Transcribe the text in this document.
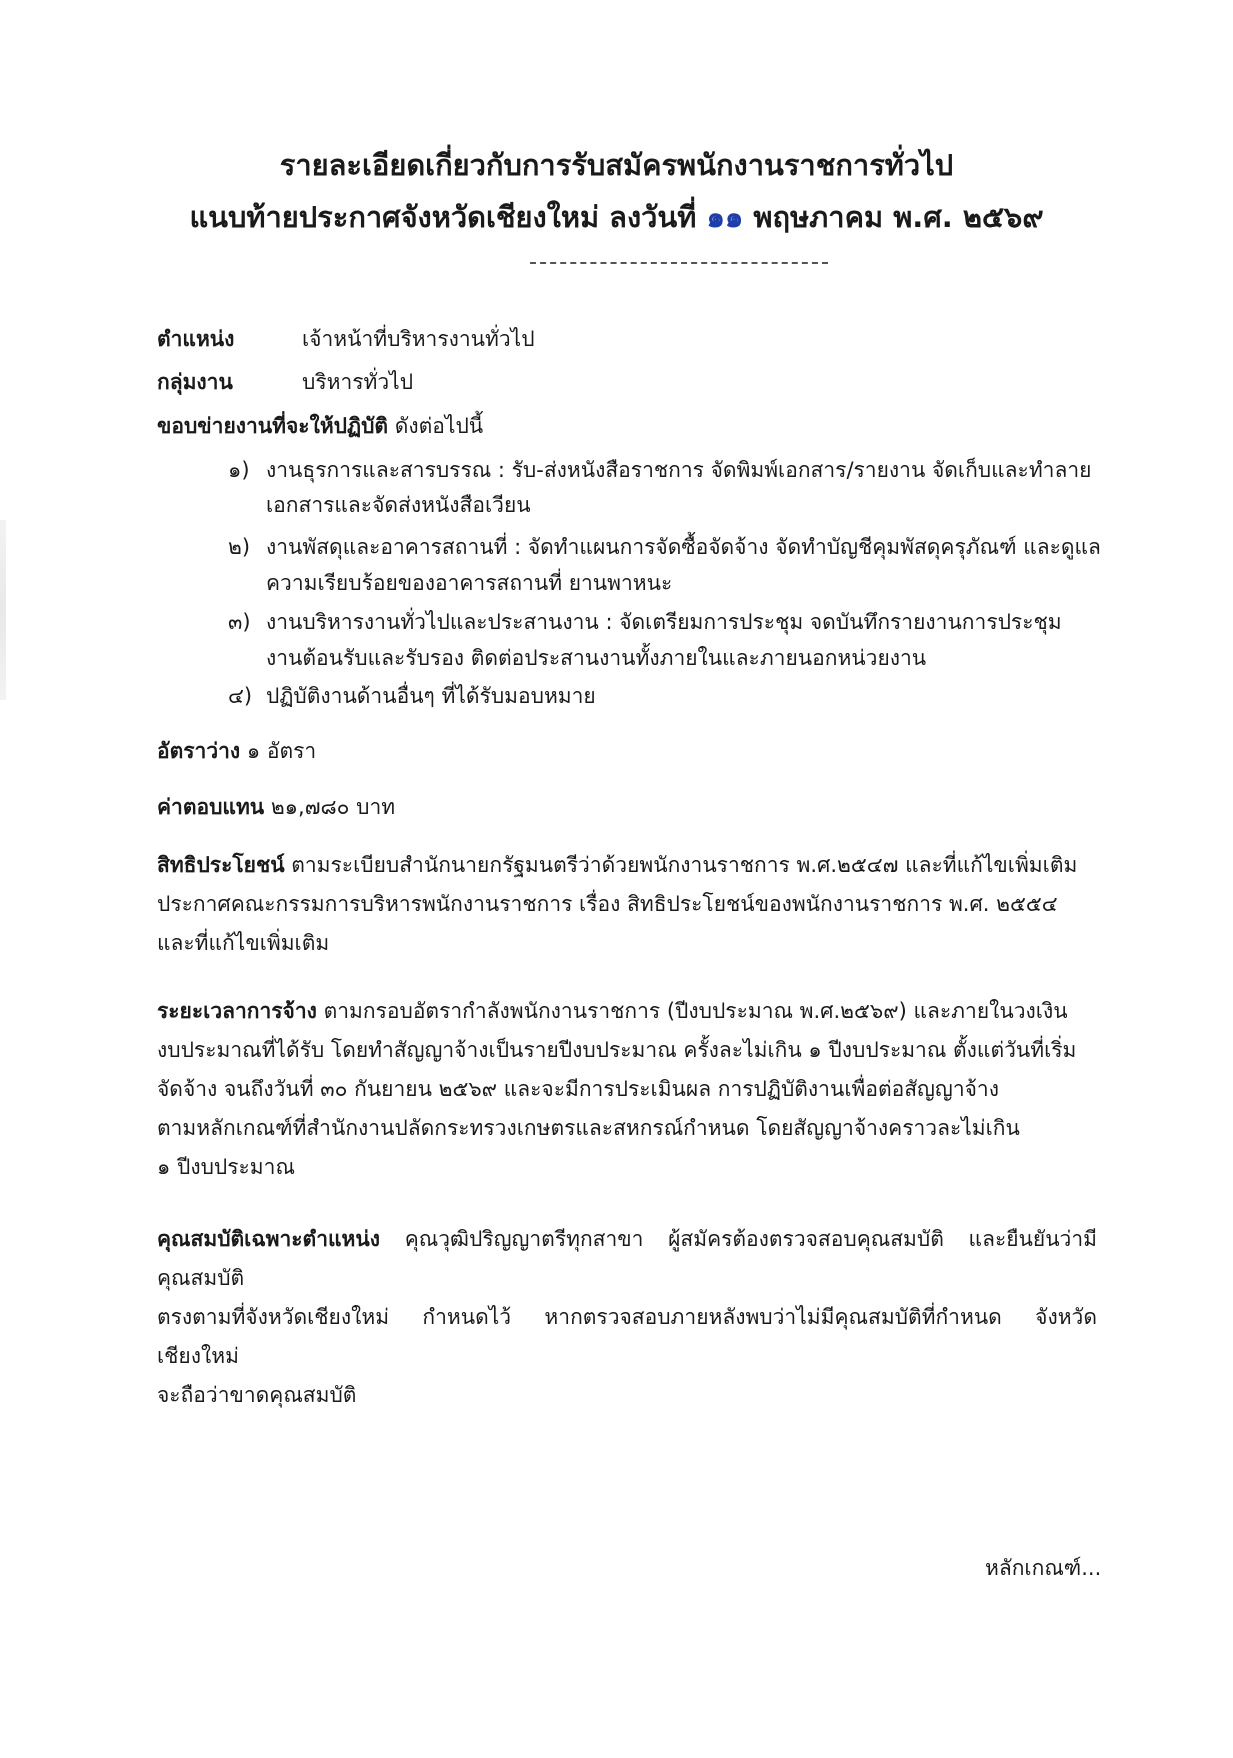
รายละเอียดเกี่ยวกับการรับสมัครพนักงานราชการทั่วไป
แนบท้ายประกาศจังหวัดเชียงใหม่ ลงวันที่ ๑๑ พฤษภาคม พ.ศ. ๒๕๖๙
ตำแหน่ง	เจ้าหน้าที่บริหารงานทั่วไป
กลุ่มงาน	บริหารทั่วไป
ขอบข่ายงานที่จะให้ปฏิบัติ ดังต่อไปนี้
๑) งานธุรการและสารบรรณ : รับ-ส่งหนังสือราชการ จัดพิมพ์เอกสาร/รายงาน จัดเก็บและทำลาย
เอกสารและจัดส่งหนังสือเวียน
๒) งานพัสดุและอาคารสถานที่ : จัดทำแผนการจัดซื้อจัดจ้าง จัดทำบัญชีคุมพัสดุครุภัณฑ์ และดูแล
ความเรียบร้อยของอาคารสถานที่ ยานพาหนะ
๓) งานบริหารงานทั่วไปและประสานงาน : จัดเตรียมการประชุม จดบันทึกรายงานการประชุม
งานต้อนรับและรับรอง ติดต่อประสานงานทั้งภายในและภายนอกหน่วยงาน
๔) ปฏิบัติงานด้านอื่นๆ ที่ได้รับมอบหมาย
อัตราว่าง ๑ อัตรา
ค่าตอบแทน ๒๑,๗๘๐ บาท
สิทธิประโยชน์ ตามระเบียบสำนักนายกรัฐมนตรีว่าด้วยพนักงานราชการ พ.ศ.๒๕๔๗ และที่แก้ไขเพิ่มเติม
ประกาศคณะกรรมการบริหารพนักงานราชการ เรื่อง สิทธิประโยชน์ของพนักงานราชการ พ.ศ. ๒๕๕๔
และที่แก้ไขเพิ่มเติม
ระยะเวลาการจ้าง ตามกรอบอัตรากำลังพนักงานราชการ (ปีงบประมาณ พ.ศ.๒๕๖๙) และภายในวงเงิน
งบประมาณที่ได้รับ โดยทำสัญญาจ้างเป็นรายปีงบประมาณ ครั้งละไม่เกิน ๑ ปีงบประมาณ ตั้งแต่วันที่เริ่ม
จัดจ้าง จนถึงวันที่ ๓๐ กันยายน ๒๕๖๙ และจะมีการประเมินผล การปฏิบัติงานเพื่อต่อสัญญาจ้าง
ตามหลักเกณฑ์ที่สำนักงานปลัดกระทรวงเกษตรและสหกรณ์กำหนด โดยสัญญาจ้างคราวละไม่เกิน
๑ ปีงบประมาณ
คุณสมบัติเฉพาะตำแหน่ง คุณวุฒิปริญญาตรีทุกสาขา ผู้สมัครต้องตรวจสอบคุณสมบัติ และยืนยันว่ามีคุณสมบัติ
ตรงตามที่จังหวัดเชียงใหม่ กำหนดไว้ หากตรวจสอบภายหลังพบว่าไม่มีคุณสมบัติที่กำหนด จังหวัดเชียงใหม่
จะถือว่าขาดคุณสมบัติ
หลักเกณฑ์...
